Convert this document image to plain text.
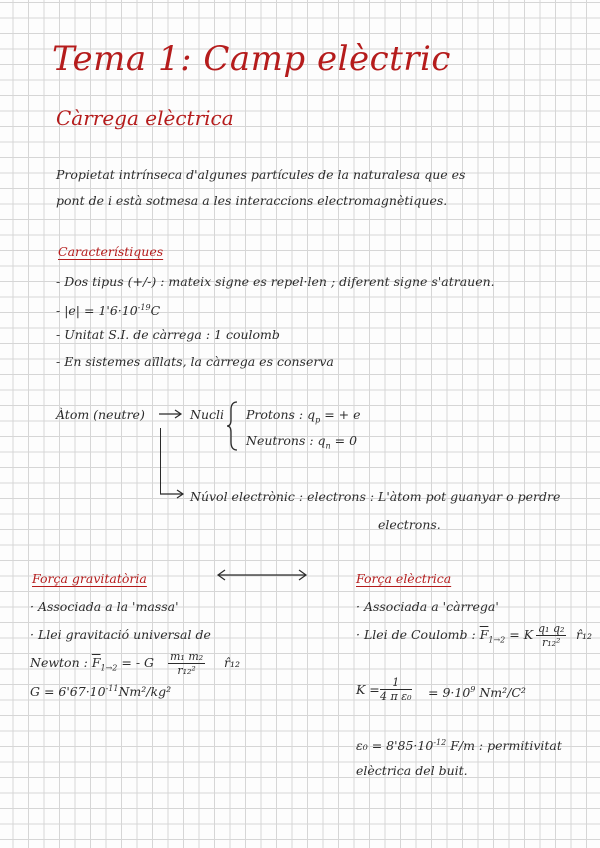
Tema 1: Camp elèctric
Càrrega elèctrica
Propietat intrínseca d'algunes partícules de la naturalesa que es
pont de i està sotmesa a les interaccions electromagnètiques.
Característiques
- Dos tipus (+/-) : mateix signe es repel·len ; diferent signe s'atrauen.
- $|e| = 1'6\cdot 10^{-19}C$
- Unitat S.I. de càrrega : 1 coulomb
- En sistemes aïllats, la càrrega es conserva
Àtom (neutre)	Nucli Protons : $q_p$ = + e
Neutrons : $q_n = 0$
Núvol electrònic : electrons : L'àtom pot guanyar o perdre
electrons.
Força gravitatòria
· Associada a la 'massa'
· Llei gravitació universal de
Newton : $\overline{F}_{1\to 2}$ = - G $\frac{\text{m₁ m₂}}{\text{r₁₂²}}$ r̂₁₂
$G = 6'67\cdot 10^{-11}Nm^2$/kg²
Força elèctrica
· Associada a 'càrrega'
· Llei de Coulomb : $\overline{F}_{1\to 2} = K \frac{\text{q₁ q₂}}{\text{r₁₂²}}$ r̂₁₂
$K = \frac{1}{\text{4 π ε₀}} = 9\cdot 10^9$ Nm²/C²
$\varepsilon_0 = 8'85\cdot 10^{-12}$ F/m : permitivitat
elèctrica del buit.
